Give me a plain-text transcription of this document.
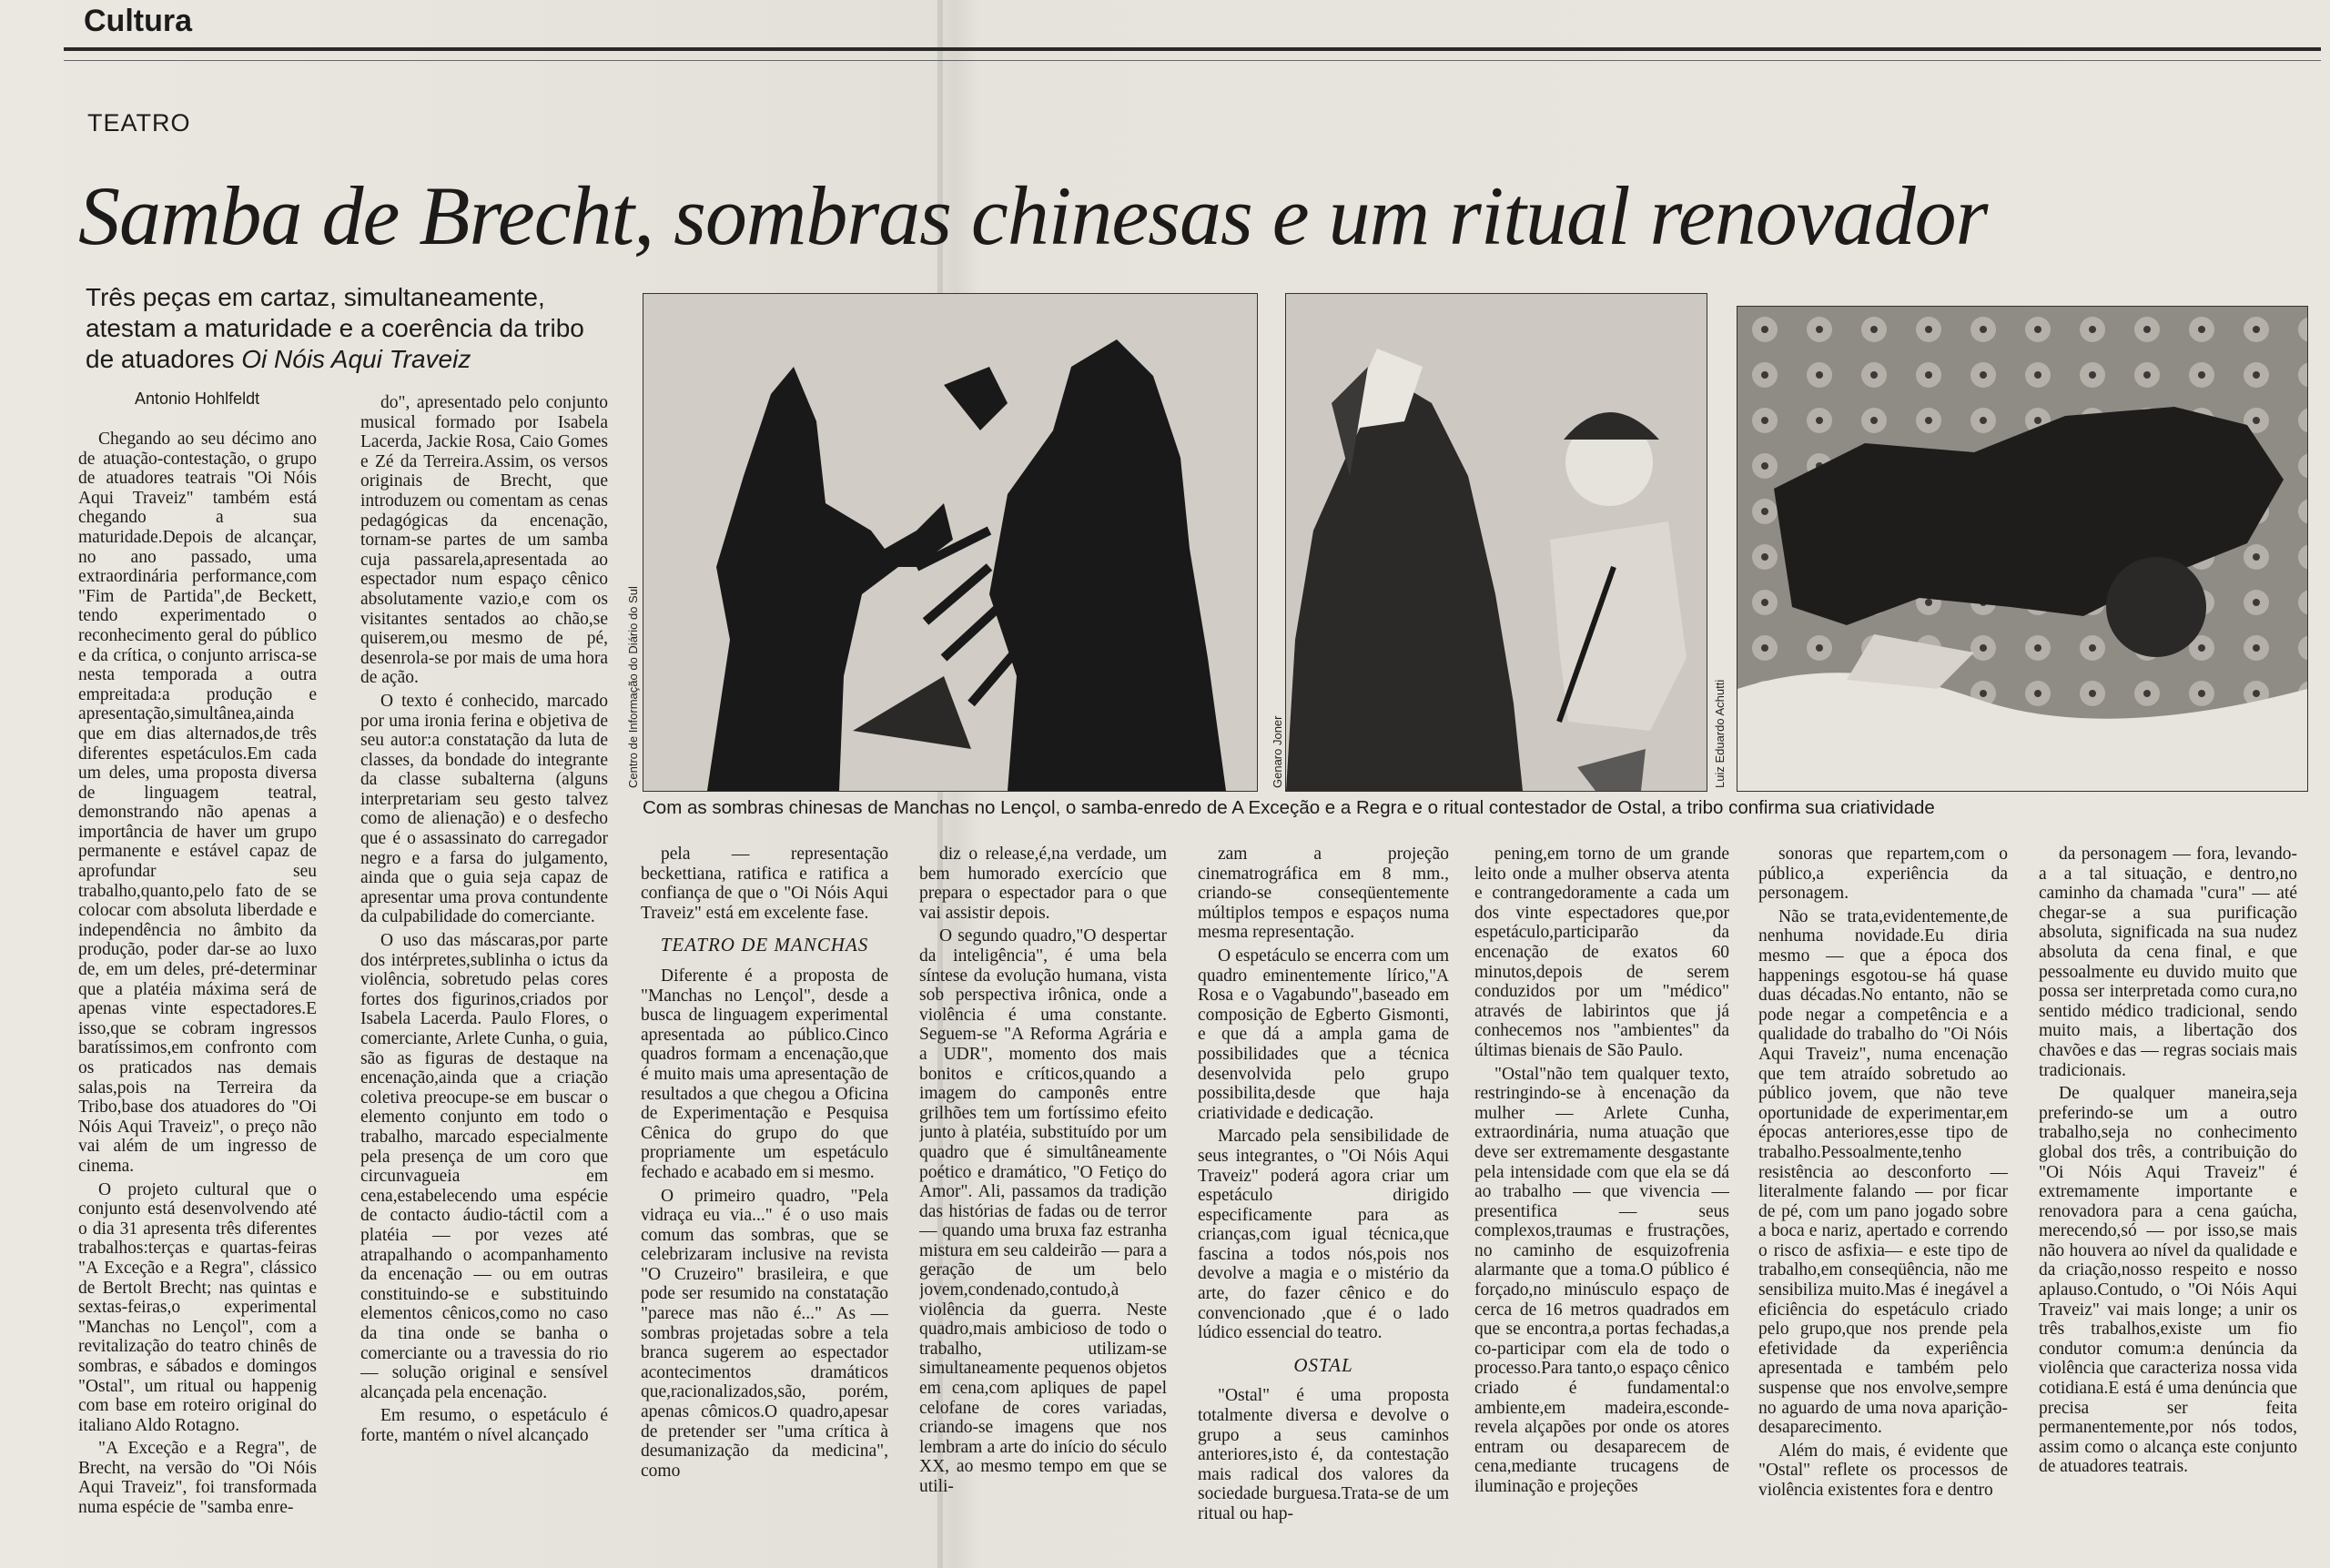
Cultura
TEATRO
Samba de Brecht, sombras chinesas e um ritual renovador
Três peças em cartaz, simultaneamente, atestam a maturidade e a coerência da tribo de atuadores Oi Nóis Aqui Traveiz
Antonio Hohlfeldt
Centro de Informação do Diário do Sul	Genaro Joner	Luiz Eduardo Achutti
Com as sombras chinesas de Manchas no Lençol, o samba-enredo de A Exceção e a Regra e o ritual contestador de Ostal, a tribo confirma sua criatividade

Chegando ao seu décimo ano de atuação-contestação, o grupo de atuadores teatrais "Oi Nóis Aqui Traveiz" também está chegando a sua maturidade.Depois de alcançar, no ano passado, uma extraordinária performance,com "Fim de Partida",de Beckett, tendo experimentado o reconhecimento geral do público e da crítica, o conjunto arrisca-se nesta temporada a outra empreitada:a produção e apresentação,simultânea,ainda que em dias alternados,de três diferentes espetáculos.Em cada um deles, uma proposta diversa de linguagem teatral, demonstrando não apenas a importância de haver um grupo permanente e estável capaz de aprofundar seu trabalho,quanto,pelo fato de se colocar com absoluta liberdade e independência no âmbito da produção, poder dar-se ao luxo de, em um deles, pré-determinar que a platéia máxima será de apenas vinte espectadores.E isso,que se cobram ingressos baratíssimos,em confronto com os praticados nas demais salas,pois na Terreira da Tribo,base dos atuadores do "Oi Nóis Aqui Traveiz", o preço não vai além de um ingresso de cinema.

O projeto cultural que o conjunto está desenvolvendo até o dia 31 apresenta três diferentes trabalhos:terças e quartas-feiras "A Exceção e a Regra", clássico de Bertolt Brecht; nas quintas e sextas-feiras,o experimental "Manchas no Lençol", com a revitalização do teatro chinês de sombras, e sábados e domingos "Ostal", um ritual ou happenig com base em roteiro original do italiano Aldo Rotagno.

"A Exceção e a Regra", de Brecht, na versão do "Oi Nóis Aqui Traveiz", foi transformada numa espécie de "samba enre-

do", apresentado pelo conjunto musical formado por Isabela Lacerda, Jackie Rosa, Caio Gomes e Zé da Terreira.Assim, os versos originais de Brecht, que introduzem ou comentam as cenas pedagógicas da encenação, tornam-se partes de um samba cuja passarela,apresentada ao espectador num espaço cênico absolutamente vazio,e com os visitantes sentados ao chão,se quiserem,ou mesmo de pé, desenrola-se por mais de uma hora de ação.

O texto é conhecido, marcado por uma ironia ferina e objetiva de seu autor:a constatação da luta de classes, da bondade do integrante da classe subalterna (alguns interpretariam seu gesto talvez como de alienação) e o desfecho que é o assassinato do carregador negro e a farsa do julgamento, ainda que o guia seja capaz de apresentar uma prova contundente da culpabilidade do comerciante.

O uso das máscaras,por parte dos intérpretes,sublinha o ictus da violência, sobretudo pelas cores fortes dos figurinos,criados por Isabela Lacerda. Paulo Flores, o comerciante, Arlete Cunha, o guia, são as figuras de destaque na encenação,ainda que a criação coletiva preocupe-se em buscar o elemento conjunto em todo o trabalho, marcado especialmente pela presença de um coro que circunvagueia em cena,estabelecendo uma espécie de contacto áudio-táctil com a platéia — por vezes até atrapalhando o acompanhamento da encenação — ou em outras constituindo-se e substituindo elementos cênicos,como no caso da tina onde se banha o comerciante ou a travessia do rio — solução original e sensível alcançada pela encenação.

Em resumo, o espetáculo é forte, mantém o nível alcançado

pela — representação beckettiana, ratifica e ratifica a confiança de que o "Oi Nóis Aqui Traveiz" está em excelente fase.

TEATRO DE MANCHAS

Diferente é a proposta de "Manchas no Lençol", desde a busca de linguagem experimental apresentada ao público.Cinco quadros formam a encenação,que é muito mais uma apresentação de resultados a que chegou a Oficina de Experimentação e Pesquisa Cênica do grupo do que propriamente um espetáculo fechado e acabado em si mesmo.

O primeiro quadro, "Pela vidraça eu via..." é o uso mais comum das sombras, que se celebrizaram inclusive na revista "O Cruzeiro" brasileira, e que pode ser resumido na constatação "parece mas não é..." As — sombras projetadas sobre a tela branca sugerem ao espectador acontecimentos dramáticos que,racionalizados,são, porém, apenas cômicos.O quadro,apesar de pretender ser "uma crítica à desumanização da medicina", como

diz o release,é,na verdade, um bem humorado exercício que prepara o espectador para o que vai assistir depois.

O segundo quadro,"O despertar da inteligência", é uma bela síntese da evolução humana, vista sob perspectiva irônica, onde a violência é uma constante. Seguem-se "A Reforma Agrária e a UDR", momento dos mais bonitos e críticos,quando a imagem do camponês entre grilhões tem um fortíssimo efeito junto à platéia, substituído por um quadro que é simultâneamente poético e dramático, "O Fetiço do Amor". Ali, passamos da tradição das histórias de fadas ou de terror — quando uma bruxa faz estranha mistura em seu caldeirão — para a geração de um belo jovem,condenado,contudo,à violência da guerra. Neste quadro,mais ambicioso de todo o trabalho, utilizam-se simultaneamente pequenos objetos em cena,com apliques de papel celofane de cores variadas, criando-se imagens que nos lembram a arte do início do século XX, ao mesmo tempo em que se utili-

zam a projeção cinematrográfica em 8 mm., criando-se conseqüentemente múltiplos tempos e espaços numa mesma representação.

O espetáculo se encerra com um quadro eminentemente lírico,"A Rosa e o Vagabundo",baseado em composição de Egberto Gismonti, e que dá a ampla gama de possibilidades que a técnica desenvolvida pelo grupo possibilita,desde que haja criatividade e dedicação.

Marcado pela sensibilidade de seus integrantes, o "Oi Nóis Aqui Traveiz" poderá agora criar um espetáculo dirigido especificamente para as crianças,com igual técnica,que fascina a todos nós,pois nos devolve a magia e o mistério da arte, do fazer cênico e do convencionado ,que é o lado lúdico essencial do teatro.

OSTAL

"Ostal" é uma proposta totalmente diversa e devolve o grupo a seus caminhos anteriores,isto é, da contestação mais radical dos valores da sociedade burguesa.Trata-se de um ritual ou hap-

pening,em torno de um grande leito onde a mulher observa atenta e contrangedoramente a cada um dos vinte espectadores que,por espetáculo,participarão da encenação de exatos 60 minutos,depois de serem conduzidos por um "médico" através de labirintos que já conhecemos nos "ambientes" da últimas bienais de São Paulo.

"Ostal"não tem qualquer texto, restringindo-se à encenação da mulher — Arlete Cunha, extraordinária, numa atuação que deve ser extremamente desgastante pela intensidade com que ela se dá ao trabalho — que vivencia — presentifica — seus complexos,traumas e frustrações, no caminho de esquizofrenia alarmante que a toma.O público é forçado,no minúsculo espaço de cerca de 16 metros quadrados em que se encontra,a portas fechadas,a co-participar com ela de todo o processo.Para tanto,o espaço cênico criado é fundamental:o ambiente,em madeira,esconde-revela alçapões por onde os atores entram ou desaparecem de cena,mediante trucagens de iluminação e projeções

sonoras que repartem,com o público,a experiência da personagem.

Não se trata,evidentemente,de nenhuma novidade.Eu diria mesmo — que a época dos happenings esgotou-se há quase duas décadas.No entanto, não se pode negar a competência e a qualidade do trabalho do "Oi Nóis Aqui Traveiz", numa encenação que tem atraído sobretudo ao público jovem, que não teve oportunidade de experimentar,em épocas anteriores,esse tipo de trabalho.Pessoalmente,tenho resistência ao desconforto — literalmente falando — por ficar de pé, com um pano jogado sobre a boca e nariz, apertado e correndo o risco de asfixia— e este tipo de trabalho,em conseqüência, não me sensibiliza muito.Mas é inegável a eficiência do espetáculo criado pelo grupo,que nos prende pela efetividade da experiência apresentada e também pelo suspense que nos envolve,sempre no aguardo de uma nova aparição-desaparecimento.

Além do mais, é evidente que "Ostal" reflete os processos de violência existentes fora e dentro

da personagem — fora, levando-a a tal situação, e dentro,no caminho da chamada "cura" — até chegar-se a sua purificação absoluta, significada na sua nudez absoluta da cena final, e que pessoalmente eu duvido muito que possa ser interpretada como cura,no sentido médico tradicional, sendo muito mais, a libertação dos chavões e das — regras sociais mais tradicionais.

De qualquer maneira,seja preferindo-se um a outro trabalho,seja no conhecimento global dos três, a contribuição do "Oi Nóis Aqui Traveiz" é extremamente importante e renovadora para a cena gaúcha, merecendo,só — por isso,se mais não houvera ao nível da qualidade e da criação,nosso respeito e nosso aplauso.Contudo, o "Oi Nóis Aqui Traveiz" vai mais longe; a unir os três trabalhos,existe um fio condutor comum:a denúncia da violência que caracteriza nossa vida cotidiana.E está é uma denúncia que precisa ser feita permanentemente,por nós todos, assim como o alcança este conjunto de atuadores teatrais.
